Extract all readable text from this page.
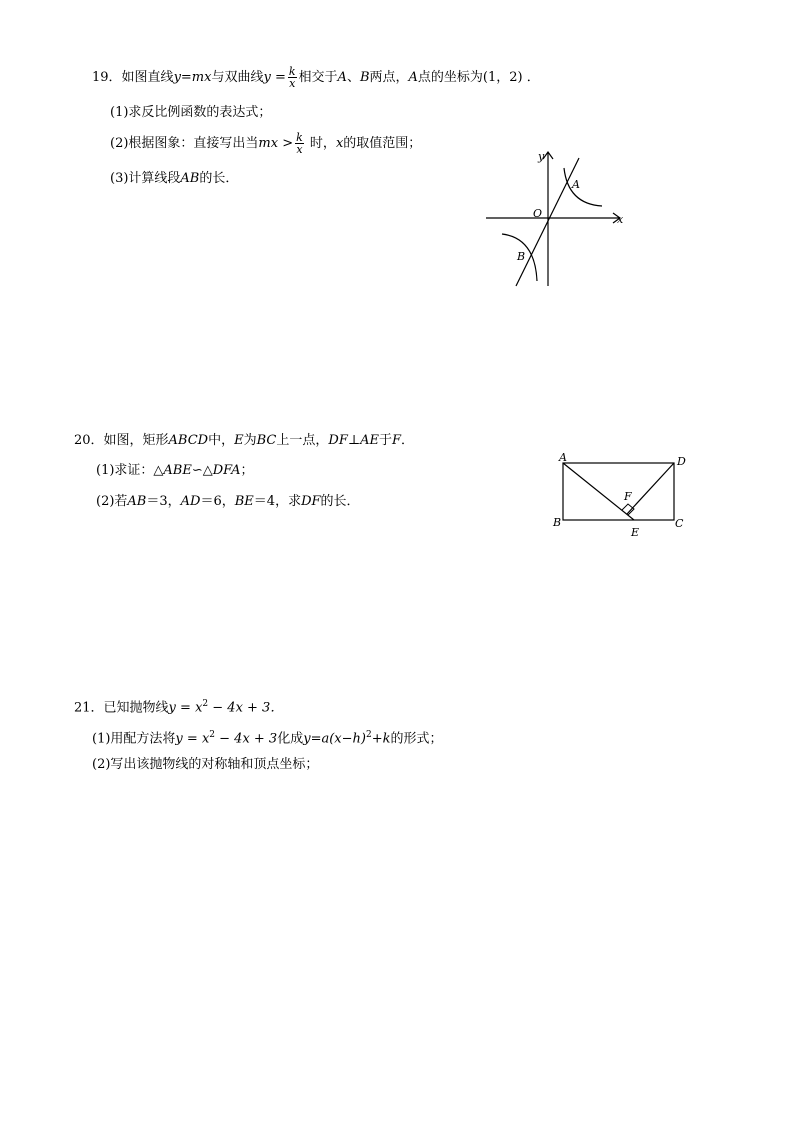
19．如图直线y=mx与双曲线$y = \frac{k}{x}$ 相交于A、B两点，A点的坐标为(1，2) ．
(1)求反比例函数的表达式；
(2)根据图象：直接写出当mx > $\frac{k}{x}$ 时，x的取值范围；
(3)计算线段AB的长．
y
x
O
A
B
20．如图，矩形ABCD中，E为BC上一点，DF⊥AE于F．
(1)求证：△ABE∽△DFA；
(2)若AB＝3，AD＝6，BE＝4，求DF的长．
A	D
B	C
E
F
21．已知抛物线$y = x^2 - 4x + 3$．
(1)用配方法将$y = x^2 - 4x + 3$化成$y=a(x-h)^2+k$的形式；
(2)写出该抛物线的对称轴和顶点坐标；
